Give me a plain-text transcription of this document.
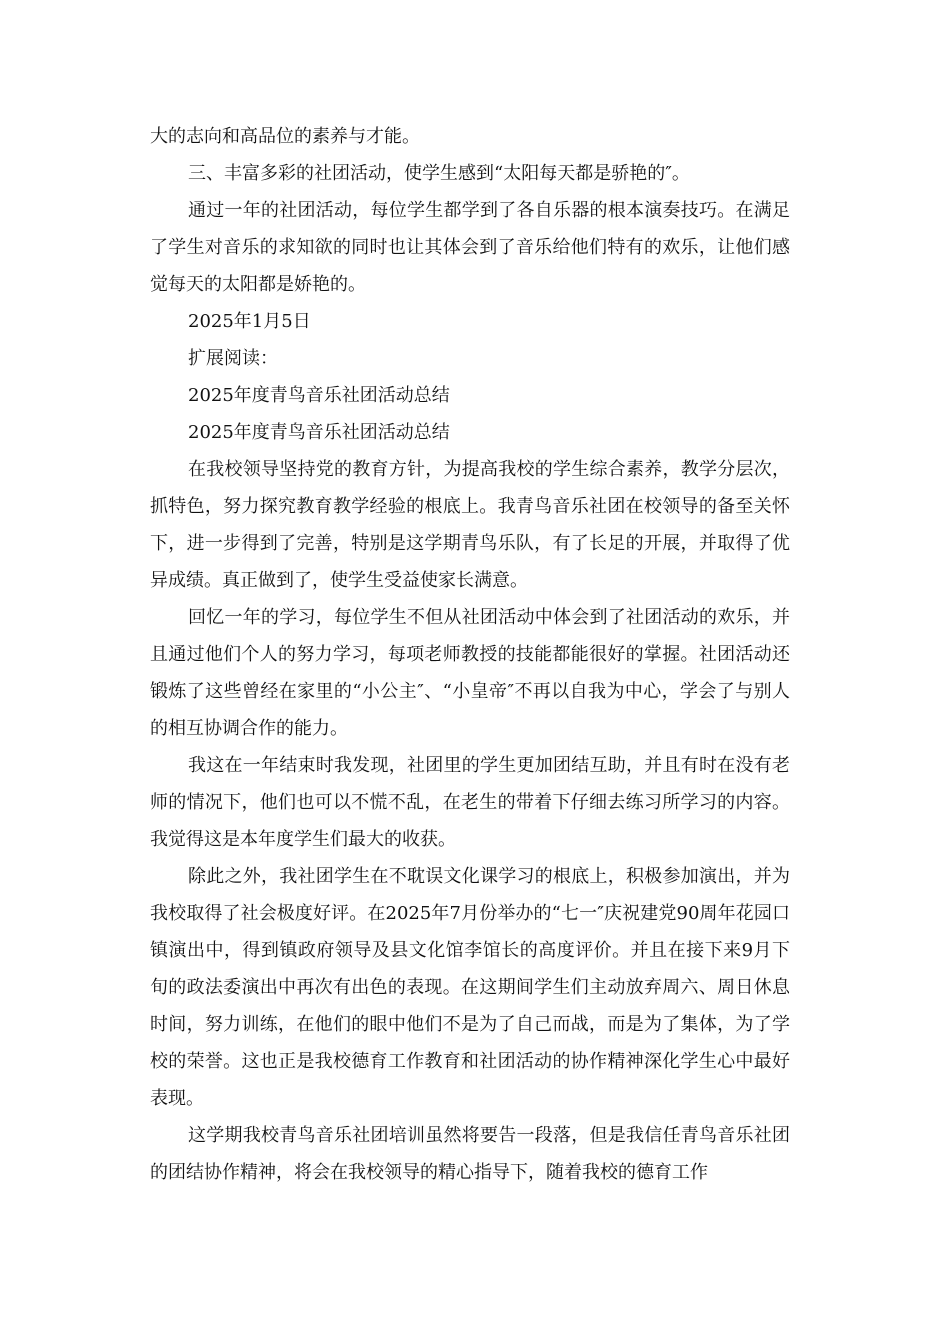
大的志向和高品位的素养与才能。

三、丰富多彩的社团活动，使学生感到“太阳每天都是骄艳的″。

通过一年的社团活动，每位学生都学到了各自乐器的根本演奏技巧。在满足了学生对音乐的求知欲的同时也让其体会到了音乐给他们特有的欢乐，让他们感觉每天的太阳都是娇艳的。

2025年1月5日

扩展阅读：

2025年度青鸟音乐社团活动总结

2025年度青鸟音乐社团活动总结

在我校领导坚持党的教育方针，为提高我校的学生综合素养，教学分层次，抓特色，努力探究教育教学经验的根底上。我青鸟音乐社团在校领导的备至关怀下，进一步得到了完善，特别是这学期青鸟乐队，有了长足的开展，并取得了优异成绩。真正做到了，使学生受益使家长满意。

回忆一年的学习，每位学生不但从社团活动中体会到了社团活动的欢乐，并且通过他们个人的努力学习，每项老师教授的技能都能很好的掌握。社团活动还锻炼了这些曾经在家里的“小公主″、“小皇帝″不再以自我为中心，学会了与别人的相互协调合作的能力。

我这在一年结束时我发现，社团里的学生更加团结互助，并且有时在没有老师的情况下，他们也可以不慌不乱，在老生的带着下仔细去练习所学习的内容。我觉得这是本年度学生们最大的收获。

除此之外，我社团学生在不耽误文化课学习的根底上，积极参加演出，并为我校取得了社会极度好评。在2025年7月份举办的“七一″庆祝建党90周年花园口镇演出中，得到镇政府领导及县文化馆李馆长的高度评价。并且在接下来9月下旬的政法委演出中再次有出色的表现。在这期间学生们主动放弃周六、周日休息时间，努力训练，在他们的眼中他们不是为了自己而战，而是为了集体，为了学校的荣誉。这也正是我校德育工作教育和社团活动的协作精神深化学生心中最好表现。

这学期我校青鸟音乐社团培训虽然将要告一段落，但是我信任青鸟音乐社团的团结协作精神，将会在我校领导的精心指导下，随着我校的德育工作
